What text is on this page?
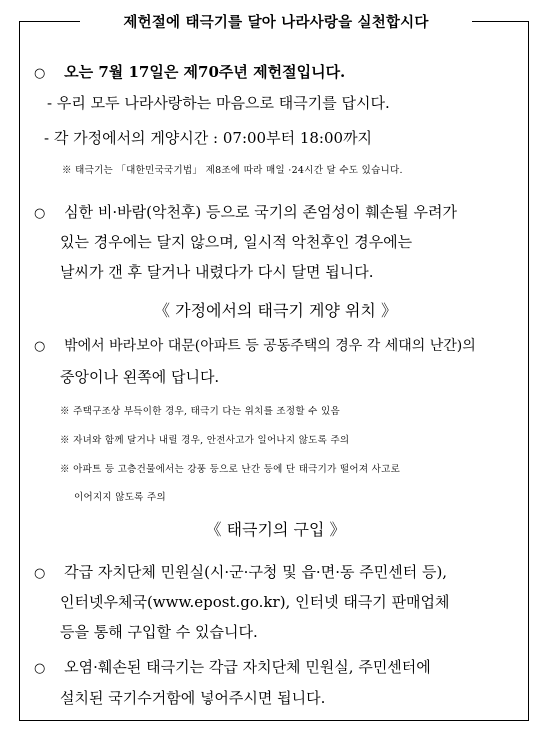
제헌절에 태극기를 달아 나라사랑을 실천합시다
○ 오는 7월 17일은 제70주년 제헌절입니다.
- 우리 모두 나라사랑하는 마음으로 태극기를 답시다.
- 각 가정에서의 게양시간 : 07:00부터 18:00까지
※ 태극기는 「대한민국국기법」 제8조에 따라 매일 ·24시간 달 수도 있습니다.
○ 심한 비·바람(악천후) 등으로 국기의 존엄성이 훼손될 우려가
있는 경우에는 달지 않으며, 일시적 악천후인 경우에는
날씨가 갠 후 달거나 내렸다가 다시 달면 됩니다.
《 가정에서의 태극기 게양 위치 》
○ 밖에서 바라보아 대문(아파트 등 공동주택의 경우 각 세대의 난간)의
중앙이나 왼쪽에 답니다.
※ 주택구조상 부득이한 경우, 태극기 다는 위치를 조정할 수 있음
※ 자녀와 함께 달거나 내릴 경우, 안전사고가 일어나지 않도록 주의
※ 아파트 등 고층건물에서는 강풍 등으로 난간 등에 단 태극기가 떨어져 사고로
이어지지 않도록 주의
《 태극기의 구입 》
○ 각급 자치단체 민원실(시·군·구청 및 읍·면·동 주민센터 등),
인터넷우체국(www.epost.go.kr), 인터넷 태극기 판매업체
등을 통해 구입할 수 있습니다.
○ 오염·훼손된 태극기는 각급 자치단체 민원실, 주민센터에
설치된 국기수거함에 넣어주시면 됩니다.
